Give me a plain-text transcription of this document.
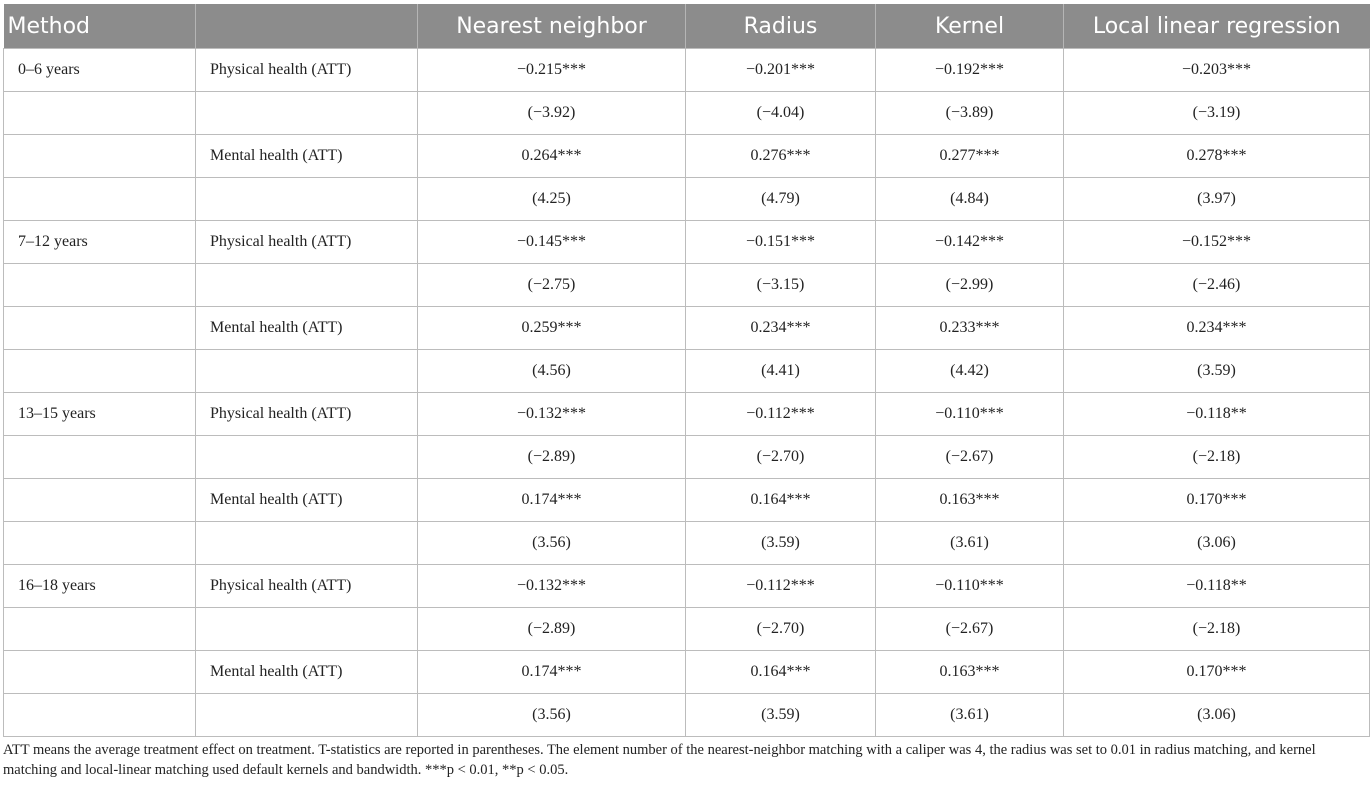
Method		Nearest neighbor	Radius	Kernel	Local linear regression
0–6 years	Physical health (ATT)	−0.215***	−0.201***	−0.192***	−0.203***
		(−3.92)	(−4.04)	(−3.89)	(−3.19)
	Mental health (ATT)	0.264***	0.276***	0.277***	0.278***
		(4.25)	(4.79)	(4.84)	(3.97)
7–12 years	Physical health (ATT)	−0.145***	−0.151***	−0.142***	−0.152***
		(−2.75)	(−3.15)	(−2.99)	(−2.46)
	Mental health (ATT)	0.259***	0.234***	0.233***	0.234***
		(4.56)	(4.41)	(4.42)	(3.59)
13–15 years	Physical health (ATT)	−0.132***	−0.112***	−0.110***	−0.118**
		(−2.89)	(−2.70)	(−2.67)	(−2.18)
	Mental health (ATT)	0.174***	0.164***	0.163***	0.170***
		(3.56)	(3.59)	(3.61)	(3.06)
16–18 years	Physical health (ATT)	−0.132***	−0.112***	−0.110***	−0.118**
		(−2.89)	(−2.70)	(−2.67)	(−2.18)
	Mental health (ATT)	0.174***	0.164***	0.163***	0.170***
		(3.56)	(3.59)	(3.61)	(3.06)
ATT means the average treatment effect on treatment. T-statistics are reported in parentheses. The element number of the nearest-neighbor matching with a caliper was 4, the radius was set to 0.01 in radius matching, and kernel matching and local-linear matching used default kernels and bandwidth. ***p < 0.01, **p < 0.05.
